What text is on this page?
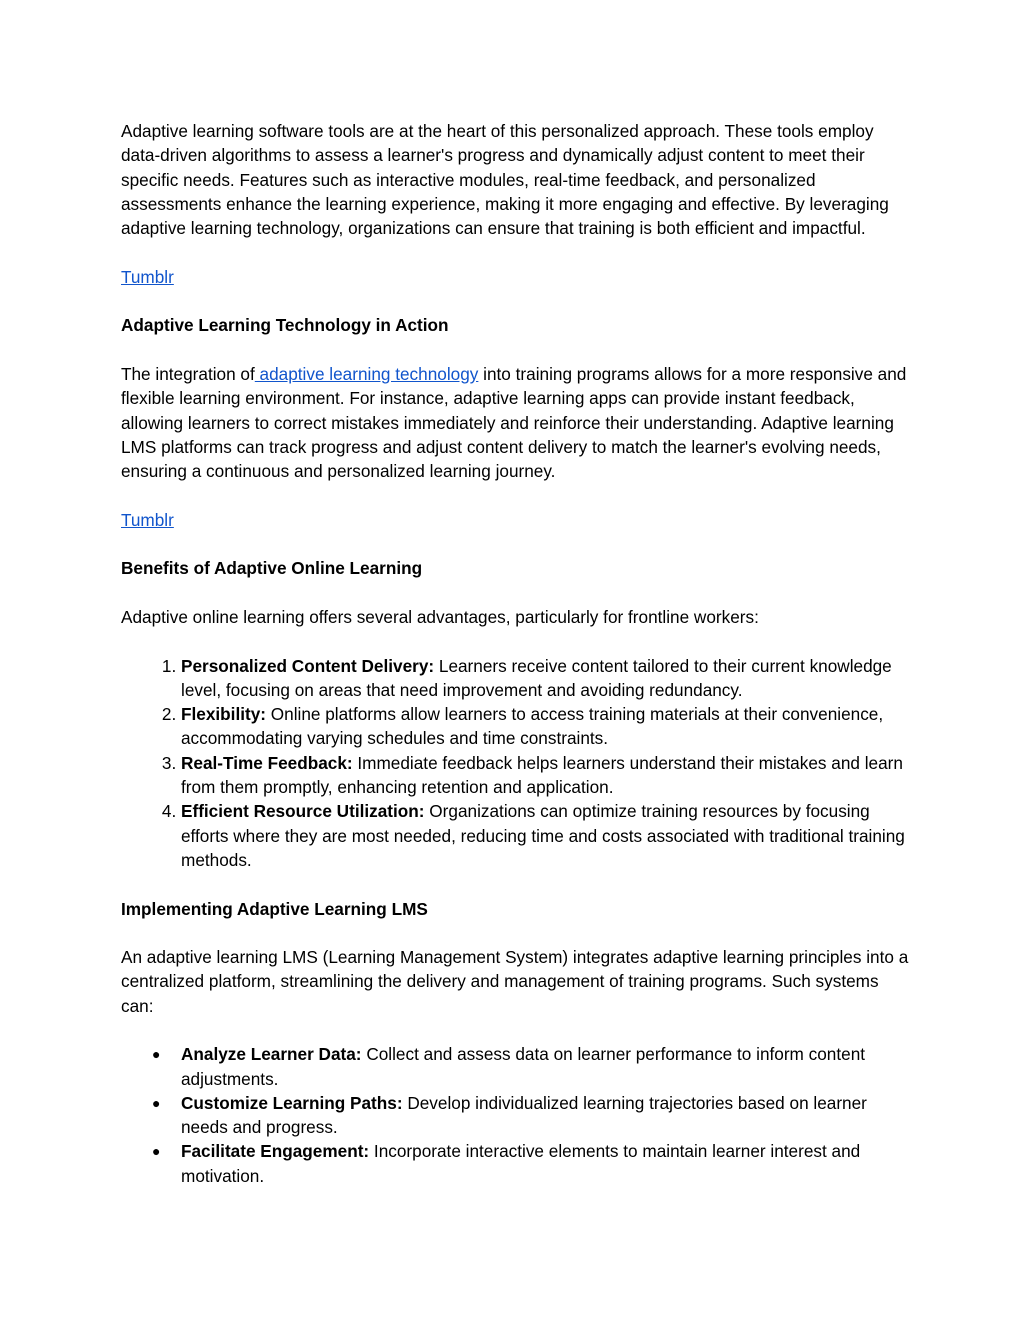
Adaptive learning software tools are at the heart of this personalized approach. These tools employ data-driven algorithms to assess a learner's progress and dynamically adjust content to meet their specific needs. Features such as interactive modules, real-time feedback, and personalized assessments enhance the learning experience, making it more engaging and effective. By leveraging adaptive learning technology, organizations can ensure that training is both efficient and impactful.

Tumblr

Adaptive Learning Technology in Action

The integration of adaptive learning technology into training programs allows for a more responsive and flexible learning environment. For instance, adaptive learning apps can provide instant feedback, allowing learners to correct mistakes immediately and reinforce their understanding. Adaptive learning LMS platforms can track progress and adjust content delivery to match the learner's evolving needs, ensuring a continuous and personalized learning journey.

Tumblr

Benefits of Adaptive Online Learning

Adaptive online learning offers several advantages, particularly for frontline workers:

1. Personalized Content Delivery: Learners receive content tailored to their current knowledge level, focusing on areas that need improvement and avoiding redundancy.
2. Flexibility: Online platforms allow learners to access training materials at their convenience, accommodating varying schedules and time constraints.
3. Real-Time Feedback: Immediate feedback helps learners understand their mistakes and learn from them promptly, enhancing retention and application.
4. Efficient Resource Utilization: Organizations can optimize training resources by focusing efforts where they are most needed, reducing time and costs associated with traditional training methods.

Implementing Adaptive Learning LMS

An adaptive learning LMS (Learning Management System) integrates adaptive learning principles into a centralized platform, streamlining the delivery and management of training programs. Such systems can:

● Analyze Learner Data: Collect and assess data on learner performance to inform content adjustments.
● Customize Learning Paths: Develop individualized learning trajectories based on learner needs and progress.
● Facilitate Engagement: Incorporate interactive elements to maintain learner interest and motivation.
